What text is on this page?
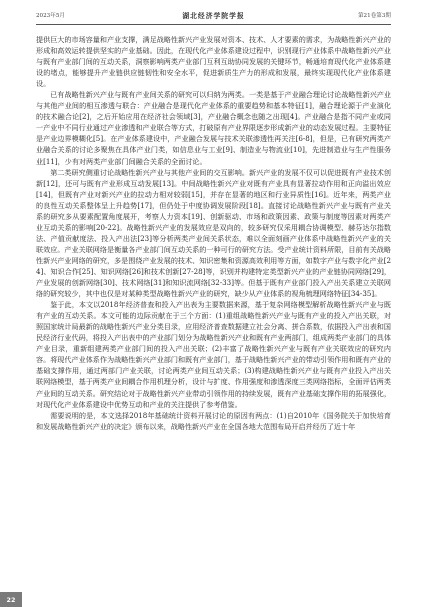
2023年5月	湖北经济学院学报	第21卷第3期

提供巨大的市场容量和产业支撑，满足战略性新兴产业发展对资本、技术、人才要素的需求，为战略性新兴产业的形成和高效运转提供坚实的产业基础。因此，在现代化产业体系建设过程中，识别现行产业体系中战略性新兴产业与既有产业部门间的互动关系，洞察影响两类产业部门互利互助协同发展的关键环节，畅通培育现代化产业体系建设的堵点，能够提升产业链供应链韧性和安全水平，促进新质生产力的形成和发展，最终实现现代化产业体系建设。

已有战略性新兴产业与既有产业间关系的研究可以归纳为两类。一类是基于产业融合理论讨论战略性新兴产业与其他产业间的相互渗透与联合：产业融合是现代化产业体系的重要趋势和基本特征[1]，融合理论源于产业演化的技术融合论[2]，之后开始应用在经济社会领域[3]，产业融合概念也随之出现[4]。产业融合是指不同产业或同一产业中不同行业通过产业渗透和产业联合等方式，打破原有产业界限逐步形成新产业的动态发展过程。主要特征是产业边界模糊化[5]。在产业体系建设中，产业融合发展与技术关联渗透性再关注[6-8]，但是，已有研究两类产业融合关系的讨论多聚焦在具体产业门类，如信息业与工业[9]、制造业与物流业[10]，先进制造业与生产性服务业[11]，少有对两类产业部门间融合关系的全面讨论。

第二类研究侧重讨论战略性新兴产业与其他产业间的交互影响。新兴产业的发展不仅可以促进既有产业技术创新[12]，还可与既有产业形成互动发展[13]。中间战略性新兴产业对既有产业具有显著拉动作用和正向溢出效应[14]，但既有产业对新兴产业的拉动力相对较弱[15]，并存在显著的地区和行业异质性[16]。近年来，两类产业的良性互动关系整体呈上升趋势[17]，但仍处于中度协调发展阶段[18]。直接讨论战略性新兴产业与既有产业关系的研究多从要素配置角度展开，考察人力资本[19]、创新驱动、市场和政策因素、政策与制度等因素对两类产业互动关系的影响[20-22]。战略性新兴产业的发展效应是双向的，较多研究仅采用耦合协调模型、赫芬达尔指数法、产值贡献度法、投入产出法[23]等分析两类产业间关系状态，难以全面刻画产业体系中战略性新兴产业的关联效应。产业关联网络是衡量各产业部门间互动关系的一种可行的研究方法。受产业统计资料所限，目前有关战略性新兴产业网络的研究，多是围绕产业发展的技术、知识密集和资源高效利用等方面，如数字产业与数字化产业[24]、知识合作[25]、知识网络[26]和技术创新[27-28]等，识别并构建特定类型新兴产业的产业链协同网络[29]，产业发展的创新网络[30]、技术网络[31]和知识流网络[32-33]等。但基于既有产业部门投入产出关系建立关联网络的研究较少，其中也仅是对某种类型战略性新兴产业的研究，缺少从产业体系的视角梳理网络特征[34-35]。

鉴于此，本文以2018年经济普查和投入产出表为主要数据来源，基于复杂网络模型解析战略性新兴产业与既有产业的互动关系。本文可能的边际贡献在于三个方面：(1)重组战略性新兴产业与既有产业的投入产出关联，对照国家统计局最新的战略性新兴产业分类目录，应用经济普查数据建立社会分离、拼合系数，依据投入产出表和国民经济行业代码，将投入产出表中的产业部门划分为战略性新兴产业和既有产业两部门，组成两类产业部门的具体产业目录，重新组建两类产业部门间的投入产出关联；(2)丰富了战略性新兴产业与既有产业关联效应的研究内容。将现代产业体系作为战略性新兴产业部门和既有产业部门，基于战略性新兴产业的带动引领作用和既有产业的基础支撑作用，通过两部门产业关联，讨论两类产业间互动关系；(3)构建战略性新兴产业与既有产业投入产出关联网络模型，基于两类产业间耦合作用机理分析，设计与扩度、作用强度和渗透深度三类网络指标，全面评估两类产业间的互动关系。研究结论对于战略性新兴产业带动引领作用的持续发展，既有产业基础支撑作用的拓展强化，对现代化产业体系建设中优势互动和产业的关注提供了参考借鉴。

需要说明的是，本文选择2018年基础统计资料开展讨论的原因有两点：(1)自2010年《国务院关于加快培育和发展战略性新兴产业的决定》颁布以来，战略性新兴产业在全国各地大范围布局开启并经历了近十年

22
